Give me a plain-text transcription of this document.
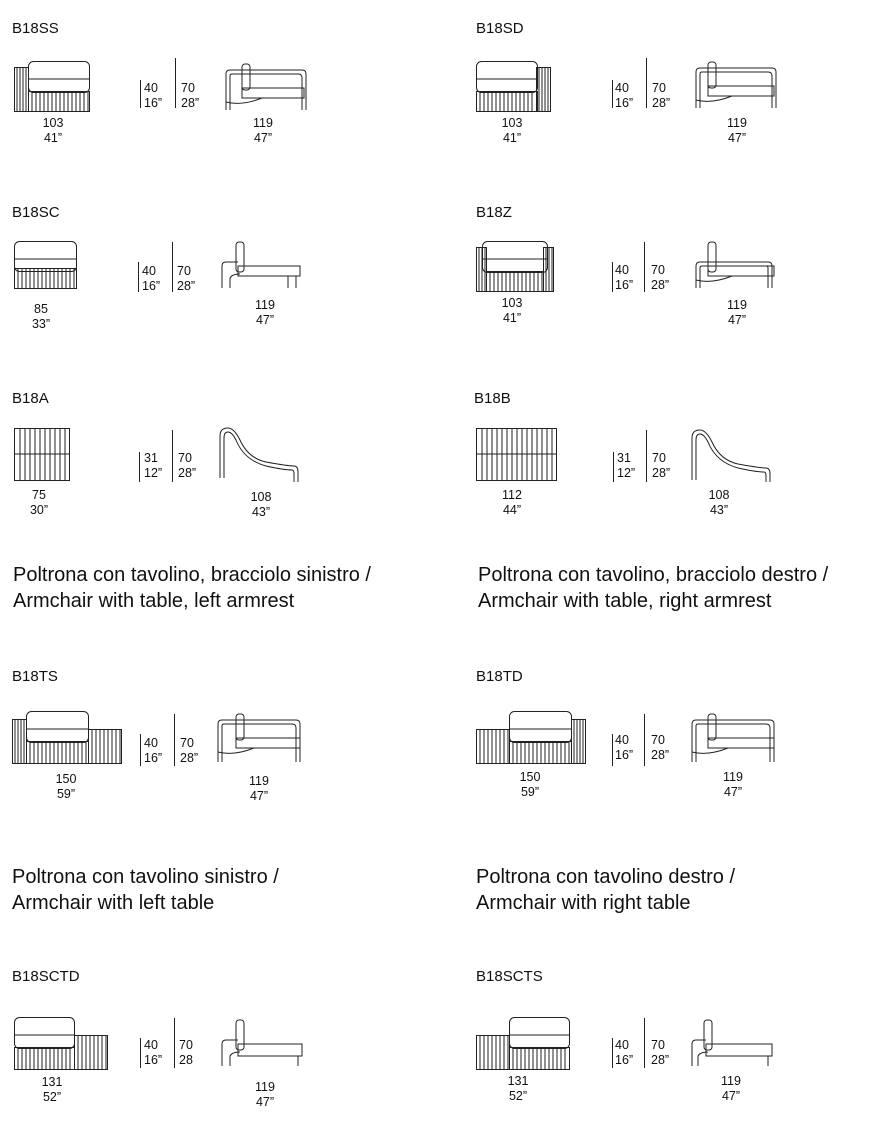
B18SS
103
41”
40
16”
70
28”
119
47”
B18SD
103
41”
40
16”
70
28”
119
47”
B18SC
85
33”
40
16”
70
28”
119
47”
B18Z
103
41”
40
16”
70
28”
119
47”
B18A
75
30”
31
12”
70
28”
108
43”
B18B
112
44”
31
12”
70
28”
108
43”
Poltrona con tavolino, bracciolo sinistro /
Armchair with table, left armrest
Poltrona con tavolino, bracciolo destro /
Armchair with table, right armrest
B18TS
150
59”
40
16”
70
28”
119
47”
B18TD
150
59”
40
16”
70
28”
119
47”
Poltrona con tavolino sinistro /
Armchair with left table
Poltrona con tavolino destro /
Armchair with right table
B18SCTD
131
52”
40
16”
70
28
119
47”
B18SCTS
131
52”
40
16”
70
28”
119
47”
